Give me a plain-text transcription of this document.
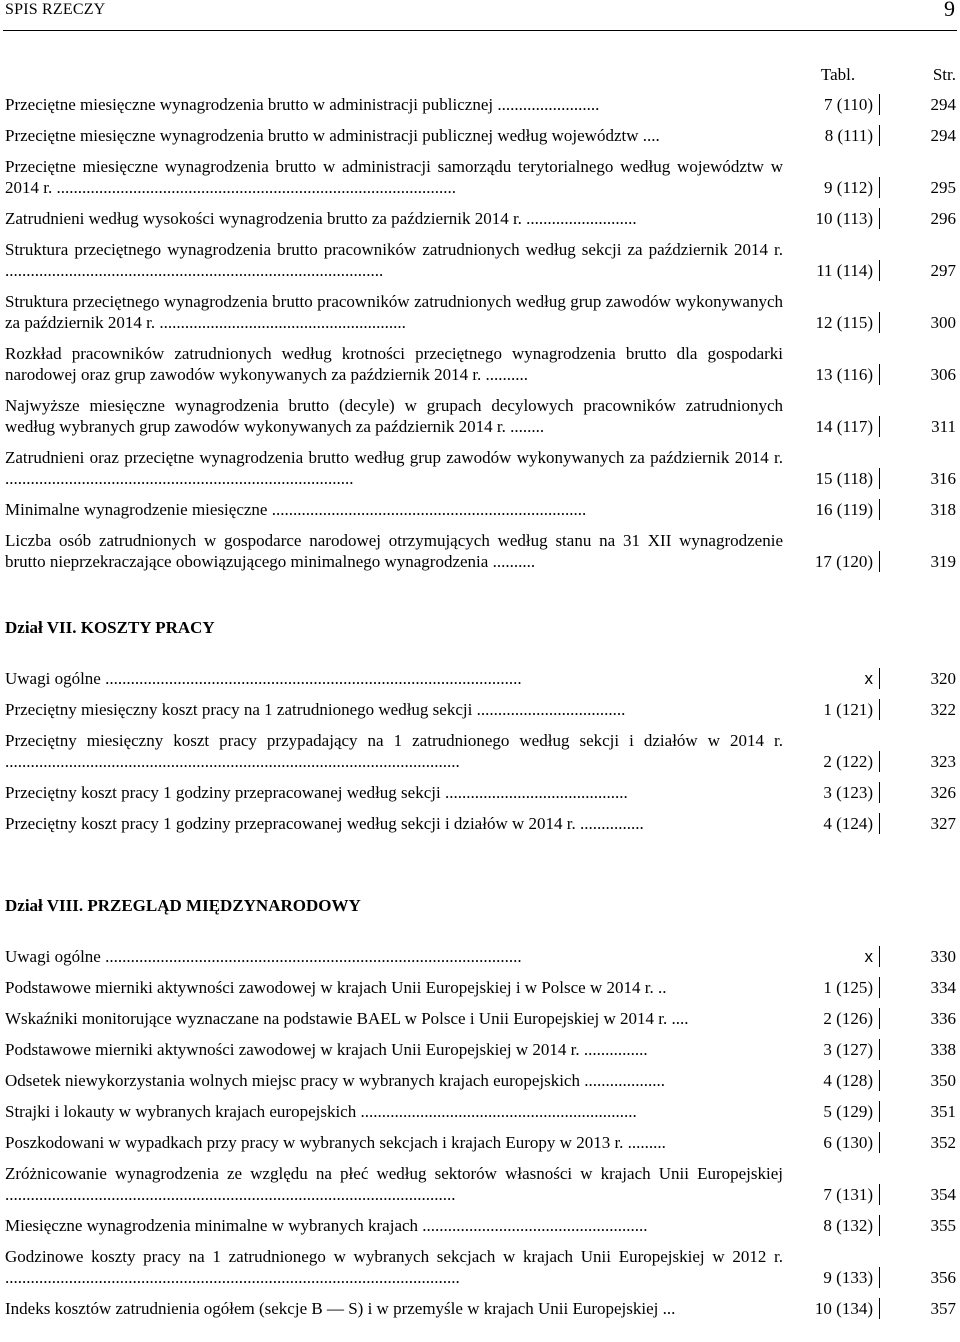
SPIS RZECZY	9
Tabl.	Str.
Przeciętne miesięczne wynagrodzenia brutto w administracji publicznej ........................	7 (110)	294
Przeciętne miesięczne wynagrodzenia brutto w administracji publicznej według województw ....	8 (111)	294
Przeciętne miesięczne wynagrodzenia brutto w administracji samorządu terytorialnego według województw w 2014 r. ..............................................................................................	9 (112)	295
Zatrudnieni według wysokości wynagrodzenia brutto za październik 2014 r. ..........................	10 (113)	296
Struktura przeciętnego wynagrodzenia brutto pracowników zatrudnionych według sekcji za październik 2014 r. .........................................................................................	11 (114)	297
Struktura przeciętnego wynagrodzenia brutto pracowników zatrudnionych według grup zawodów wykonywanych za październik 2014 r. ..........................................................	12 (115)	300
Rozkład pracowników zatrudnionych według krotności przeciętnego wynagrodzenia brutto dla gospodarki narodowej oraz grup zawodów wykonywanych za październik 2014 r. ..........	13 (116)	306
Najwyższe miesięczne wynagrodzenia brutto (decyle) w grupach decylowych pracowników zatrudnionych według wybranych grup zawodów wykonywanych za październik 2014 r. ........	14 (117)	311
Zatrudnieni oraz przeciętne wynagrodzenia brutto według grup zawodów wykonywanych za październik 2014 r. ..................................................................................	15 (118)	316
Minimalne wynagrodzenie miesięczne ..........................................................................	16 (119)	318
Liczba osób zatrudnionych w gospodarce narodowej otrzymujących według stanu na 31 XII wynagrodzenie brutto nieprzekraczające obowiązującego minimalnego wynagrodzenia ..........	17 (120)	319
Dział VII. KOSZTY PRACY
Uwagi ogólne ..................................................................................................	x	320
Przeciętny miesięczny koszt pracy na 1 zatrudnionego według sekcji ...................................	1 (121)	322
Przeciętny miesięczny koszt pracy przypadający na 1 zatrudnionego według sekcji i działów w 2014 r. ...........................................................................................................	2 (122)	323
Przeciętny koszt pracy 1 godziny przepracowanej według sekcji ...........................................	3 (123)	326
Przeciętny koszt pracy 1 godziny przepracowanej według sekcji i działów w 2014 r. ...............	4 (124)	327
Dział VIII. PRZEGLĄD MIĘDZYNARODOWY
Uwagi ogólne ..................................................................................................	x	330
Podstawowe mierniki aktywności zawodowej w krajach Unii Europejskiej i w Polsce w 2014 r. ..	1 (125)	334
Wskaźniki monitorujące wyznaczane na podstawie BAEL w Polsce i Unii Europejskiej w 2014 r. ....	2 (126)	336
Podstawowe mierniki aktywności zawodowej w krajach Unii Europejskiej w 2014 r. ...............	3 (127)	338
Odsetek niewykorzystania wolnych miejsc pracy w wybranych krajach europejskich ...................	4 (128)	350
Strajki i lokauty w wybranych krajach europejskich .................................................................	5 (129)	351
Poszkodowani w wypadkach przy pracy w wybranych sekcjach i krajach Europy w 2013 r. .........	6 (130)	352
Zróżnicowanie wynagrodzenia ze względu na płeć według sektorów własności w krajach Unii Europejskiej ..........................................................................................................	7 (131)	354
Miesięczne wynagrodzenia minimalne w wybranych krajach .....................................................	8 (132)	355
Godzinowe koszty pracy na 1 zatrudnionego w wybranych sekcjach w krajach Unii Europejskiej w 2012 r. ...........................................................................................................	9 (133)	356
Indeks kosztów zatrudnienia ogółem (sekcje B — S) i w przemyśle w krajach Unii Europejskiej ...	10 (134)	357
